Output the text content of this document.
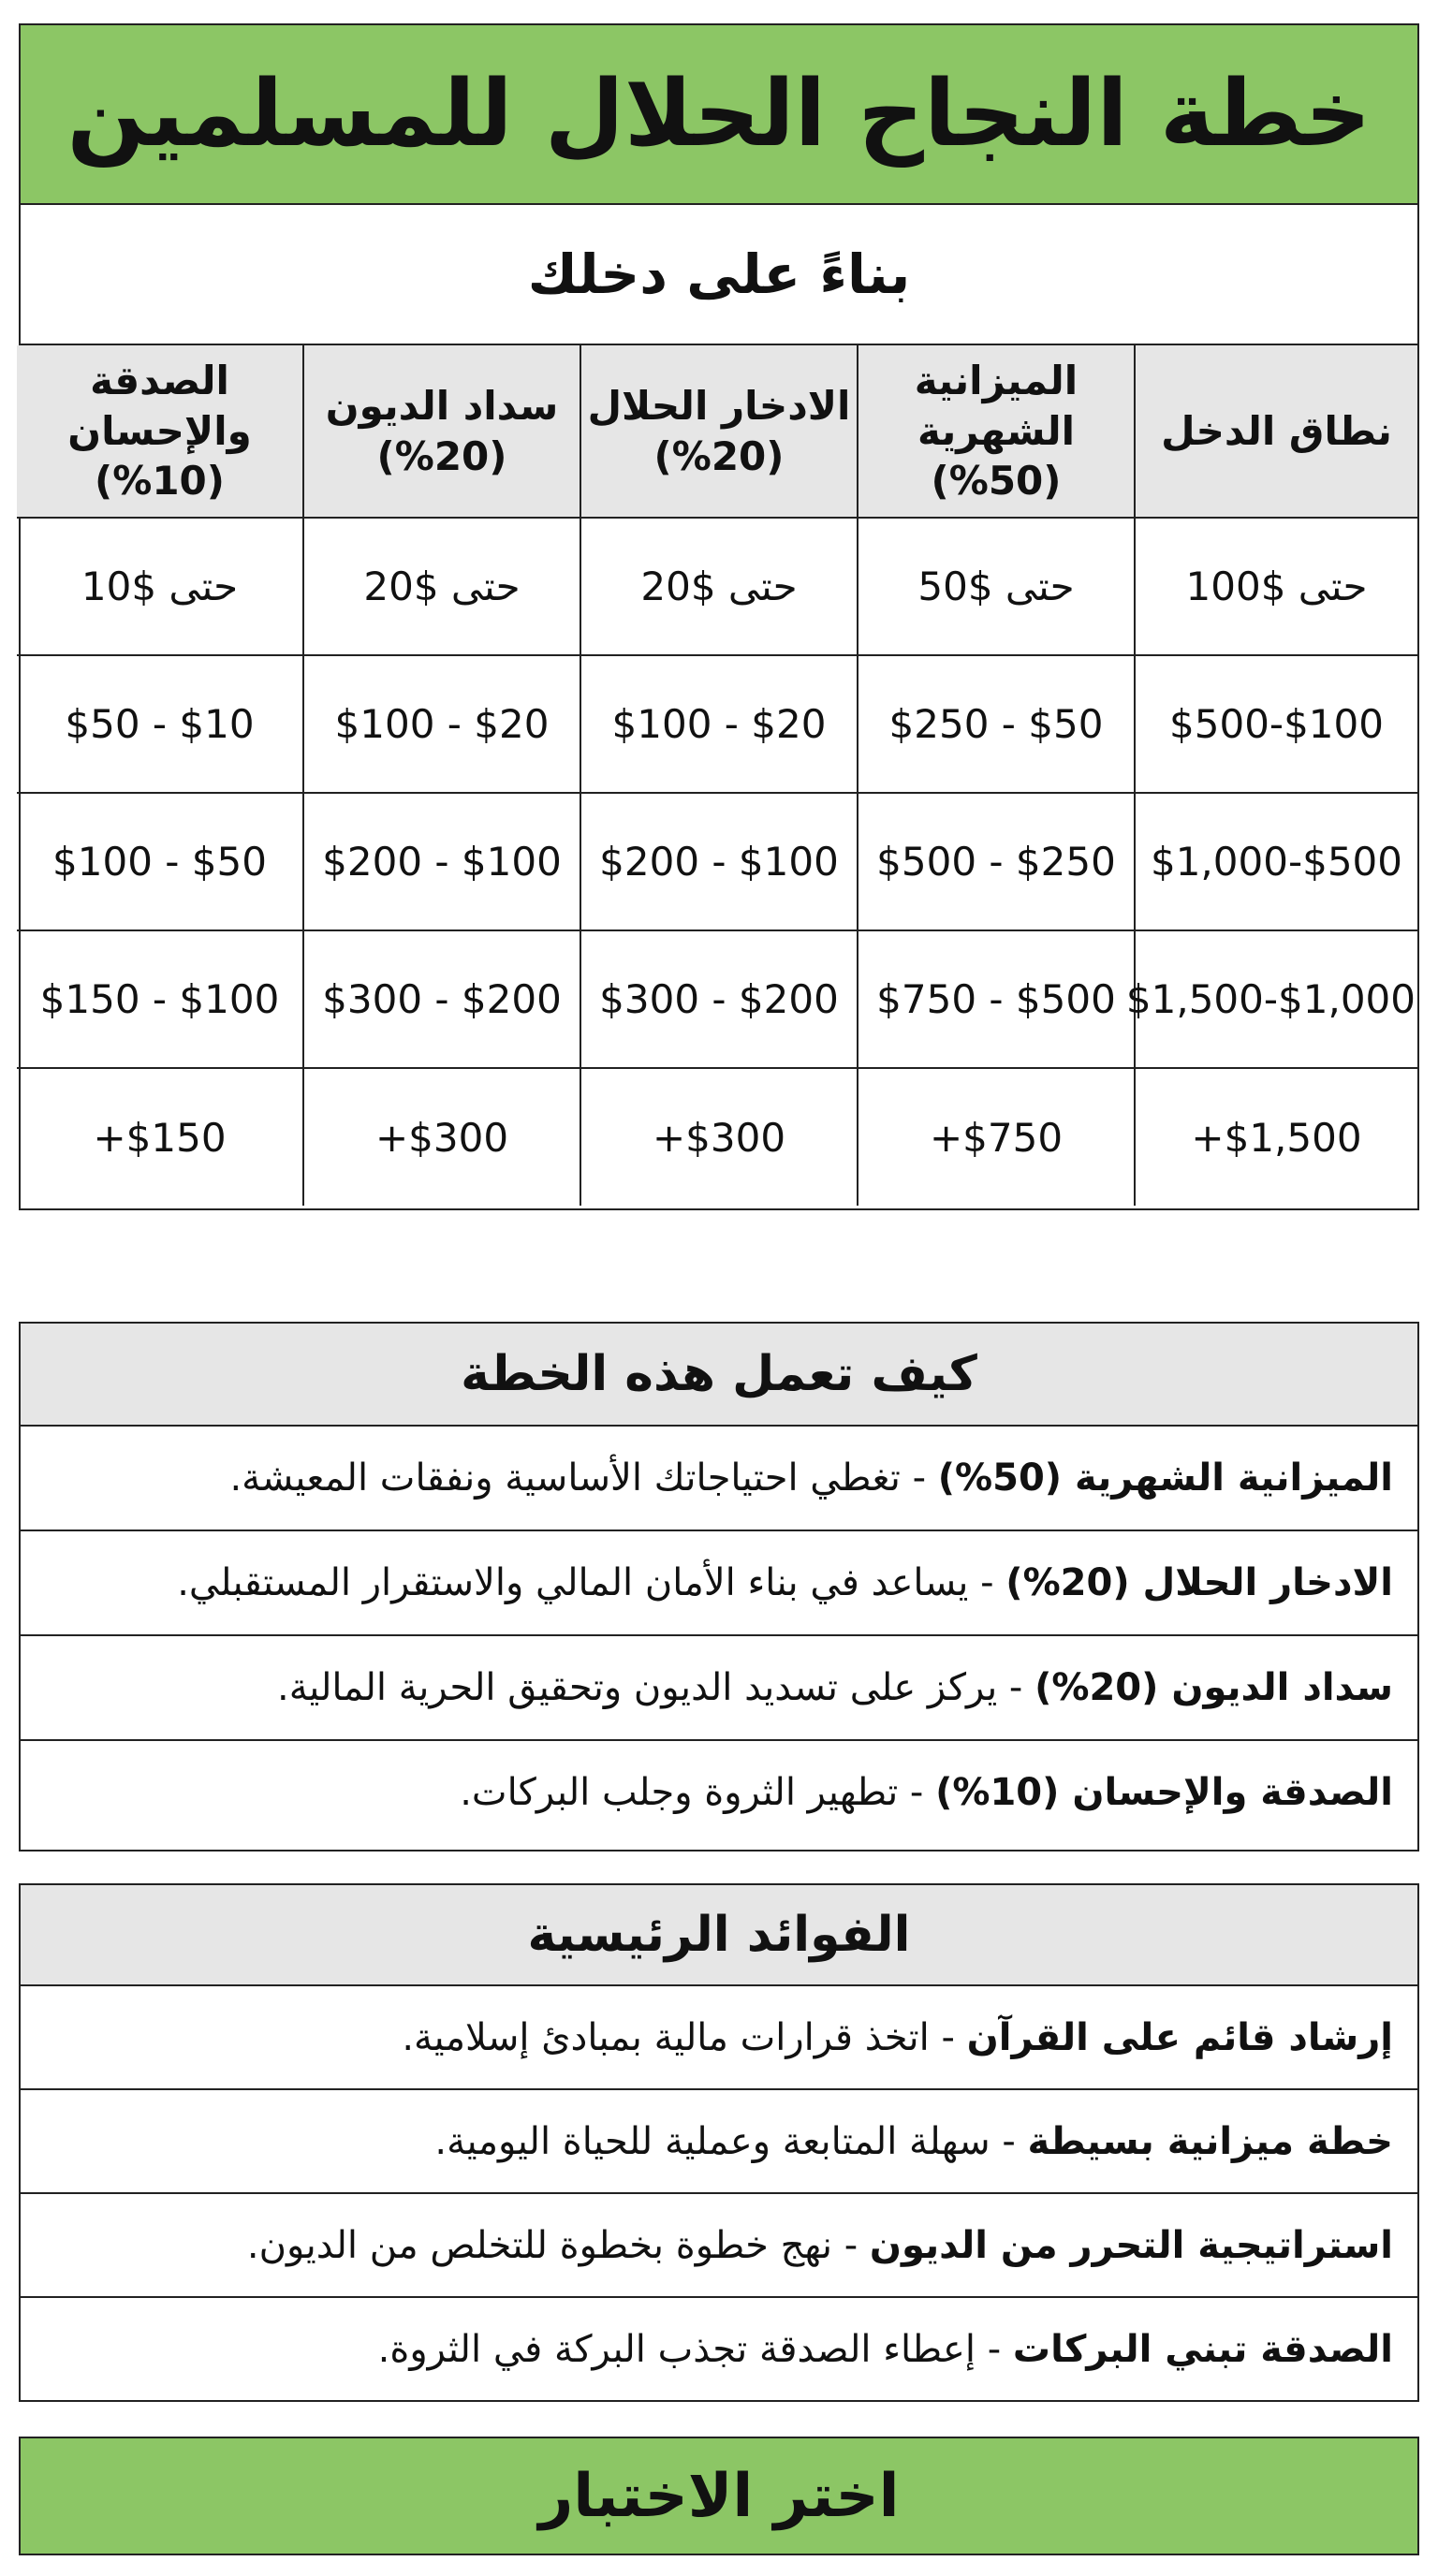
خطة النجاح الحلال للمسلمين
بناءً على دخلك
نطاق الدخل	الميزانية الشهرية (50%)	الادخار الحلال (20%)	سداد الديون (20%)	الصدقة والإحسان (10%)
حتى $100	حتى $50	حتى $20	حتى $20	حتى $10
$100-$500	$50 - $250	$20 - $100	$20 - $100	$10 - $50
$500-$1,000	$250 - $500	$100 - $200	$100 - $200	$50 - $100
$1,000-$1,500	$500 - $750	$200 - $300	$200 - $300	$100 - $150
$1,500+	$750+	$300+	$300+	$150+
كيف تعمل هذه الخطة
الميزانية الشهرية (50%) - تغطي احتياجاتك الأساسية ونفقات المعيشة.
الادخار الحلال (20%) - يساعد في بناء الأمان المالي والاستقرار المستقبلي.
سداد الديون (20%) - يركز على تسديد الديون وتحقيق الحرية المالية.
الصدقة والإحسان (10%) - تطهير الثروة وجلب البركات.
الفوائد الرئيسية
إرشاد قائم على القرآن - اتخذ قرارات مالية بمبادئ إسلامية.
خطة ميزانية بسيطة - سهلة المتابعة وعملية للحياة اليومية.
استراتيجية التحرر من الديون - نهج خطوة بخطوة للتخلص من الديون.
الصدقة تبني البركات - إعطاء الصدقة تجذب البركة في الثروة.
اختر الاختبار
